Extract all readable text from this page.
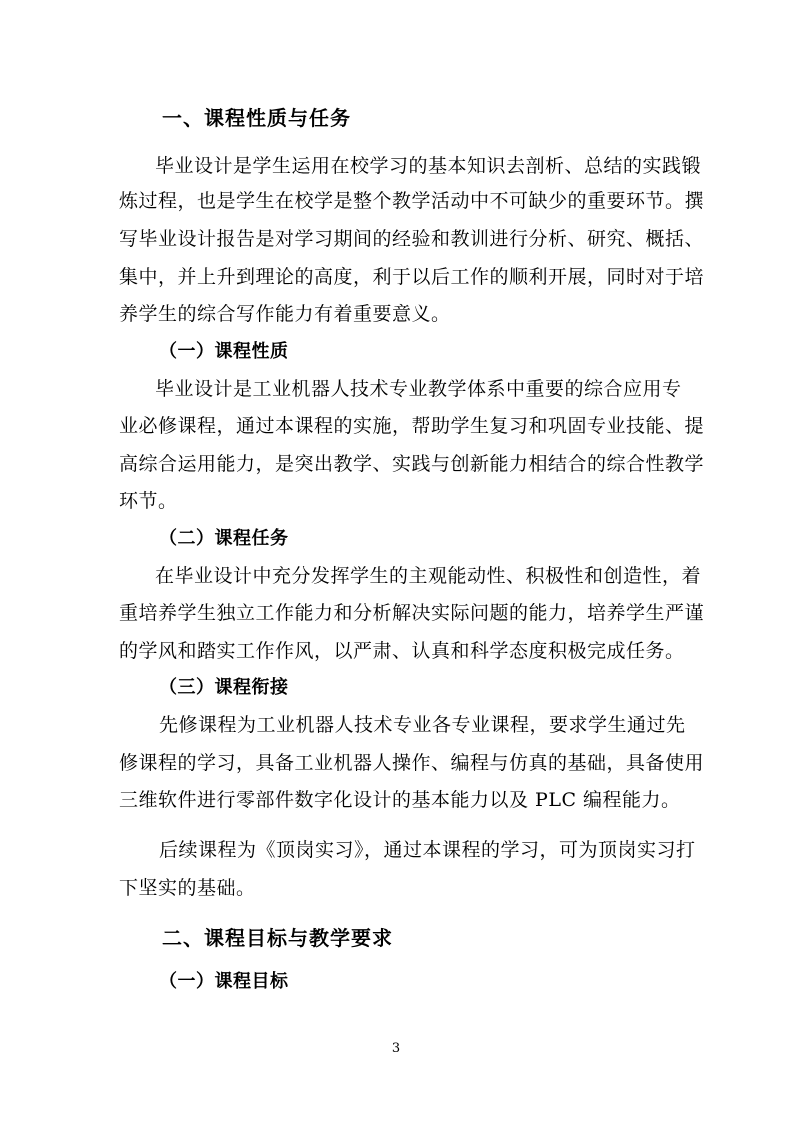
一、课程性质与任务
毕业设计是学生运用在校学习的基本知识去剖析、总结的实践锻
炼过程，也是学生在校学是整个教学活动中不可缺少的重要环节。撰
写毕业设计报告是对学习期间的经验和教训进行分析、研究、概括、
集中，并上升到理论的高度，利于以后工作的顺利开展，同时对于培
养学生的综合写作能力有着重要意义。
（一）课程性质
毕业设计是工业机器人技术专业教学体系中重要的综合应用专
业必修课程，通过本课程的实施，帮助学生复习和巩固专业技能、提
高综合运用能力，是突出教学、实践与创新能力相结合的综合性教学
环节。
（二）课程任务
在毕业设计中充分发挥学生的主观能动性、积极性和创造性，着
重培养学生独立工作能力和分析解决实际问题的能力，培养学生严谨
的学风和踏实工作作风，以严肃、认真和科学态度积极完成任务。
（三）课程衔接
先修课程为工业机器人技术专业各专业课程，要求学生通过先
修课程的学习，具备工业机器人操作、编程与仿真的基础，具备使用
三维软件进行零部件数字化设计的基本能力以及 PLC 编程能力。
后续课程为《顶岗实习》，通过本课程的学习，可为顶岗实习打
下坚实的基础。
二、课程目标与教学要求
（一）课程目标
3
